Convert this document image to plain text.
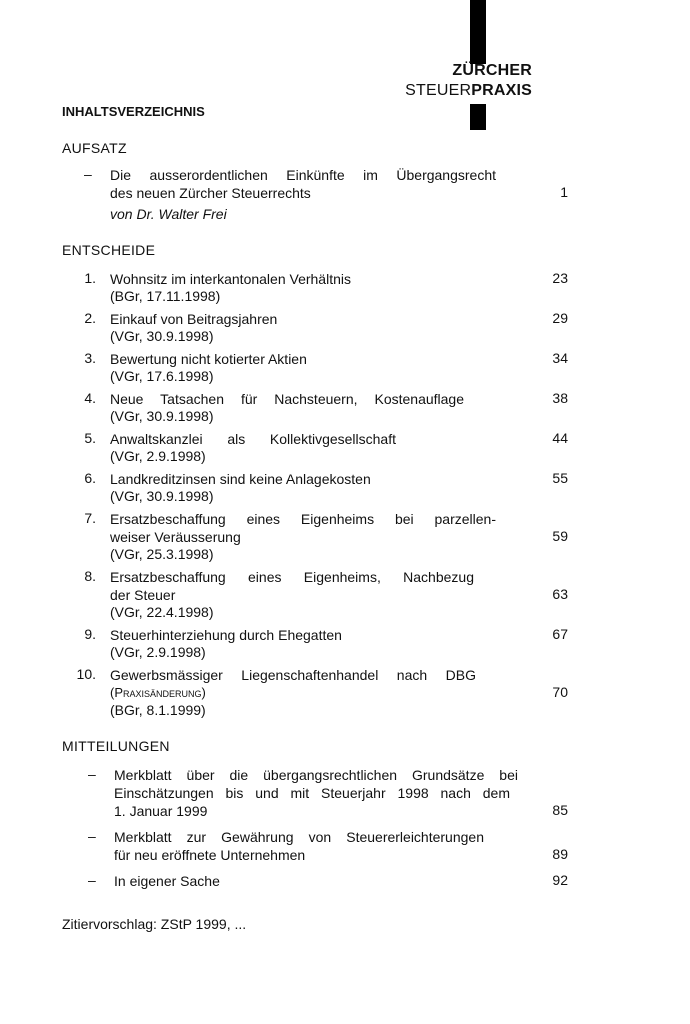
ZÜRCHER
STEUERPRAXIS
INHALTSVERZEICHNIS
AUFSATZ
– Die ausserordentlichen Einkünfte im Übergangsrecht
des neuen Zürcher Steuerrechts	1
von Dr. Walter Frei
ENTSCHEIDE
1. Wohnsitz im interkantonalen Verhältnis	23
(BGr, 17.11.1998)
2. Einkauf von Beitragsjahren	29
(VGr, 30.9.1998)
3. Bewertung nicht kotierter Aktien	34
(VGr, 17.6.1998)
4. Neue Tatsachen für Nachsteuern, Kostenauflage	38
(VGr, 30.9.1998)
5. Anwaltskanzlei als Kollektivgesellschaft	44
(VGr, 2.9.1998)
6. Landkreditzinsen sind keine Anlagekosten	55
(VGr, 30.9.1998)
7. Ersatzbeschaffung eines Eigenheims bei parzellen-
weiser Veräusserung	59
(VGr, 25.3.1998)
8. Ersatzbeschaffung eines Eigenheims, Nachbezug
der Steuer	63
(VGr, 22.4.1998)
9. Steuerhinterziehung durch Ehegatten	67
(VGr, 2.9.1998)
10. Gewerbsmässiger Liegenschaftenhandel nach DBG
(Praxisänderung)	70
(BGr, 8.1.1999)
MITTEILUNGEN
– Merkblatt über die übergangsrechtlichen Grundsätze bei
Einschätzungen bis und mit Steuerjahr 1998 nach dem
1. Januar 1999	85
– Merkblatt zur Gewährung von Steuererleichterungen
für neu eröffnete Unternehmen	89
– In eigener Sache	92
Zitiervorschlag: ZStP 1999, ...
